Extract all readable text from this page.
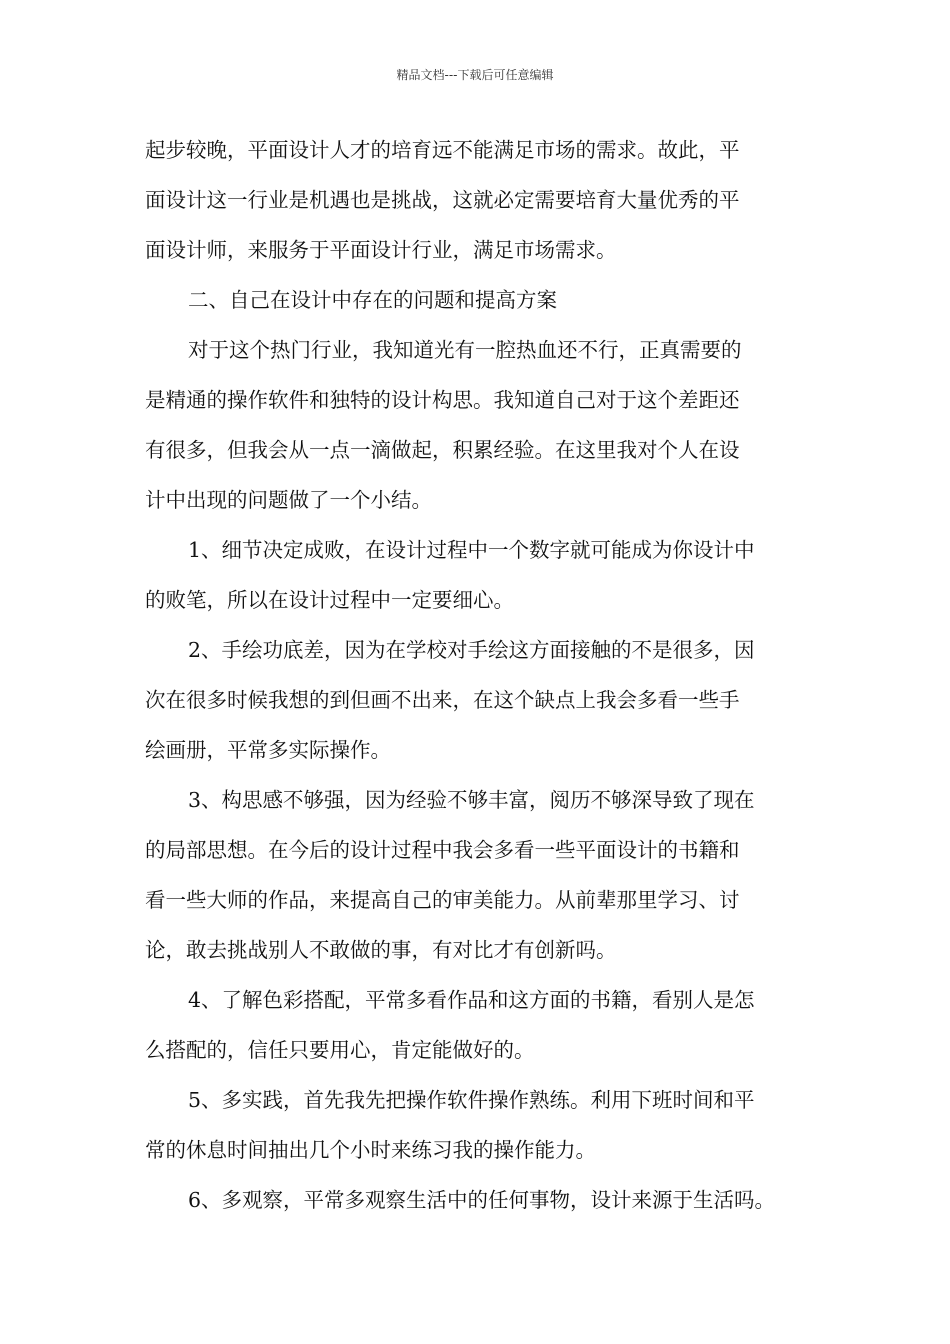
精品文档---下载后可任意编辑
起步较晚，平面设计人才的培育远不能满足市场的需求。故此，平
面设计这一行业是机遇也是挑战，这就必定需要培育大量优秀的平
面设计师，来服务于平面设计行业，满足市场需求。
二、自己在设计中存在的问题和提高方案
对于这个热门行业，我知道光有一腔热血还不行，正真需要的
是精通的操作软件和独特的设计构思。我知道自己对于这个差距还
有很多，但我会从一点一滴做起，积累经验。在这里我对个人在设
计中出现的问题做了一个小结。
1、细节决定成败，在设计过程中一个数字就可能成为你设计中
的败笔，所以在设计过程中一定要细心。
2、手绘功底差，因为在学校对手绘这方面接触的不是很多，因
次在很多时候我想的到但画不出来，在这个缺点上我会多看一些手
绘画册，平常多实际操作。
3、构思感不够强，因为经验不够丰富，阅历不够深导致了现在
的局部思想。在今后的设计过程中我会多看一些平面设计的书籍和
看一些大师的作品，来提高自己的审美能力。从前辈那里学习、讨
论，敢去挑战别人不敢做的事，有对比才有创新吗。
4、了解色彩搭配，平常多看作品和这方面的书籍，看别人是怎
么搭配的，信任只要用心，肯定能做好的。
5、多实践，首先我先把操作软件操作熟练。利用下班时间和平
常的休息时间抽出几个小时来练习我的操作能力。
6、多观察，平常多观察生活中的任何事物，设计来源于生活吗。
